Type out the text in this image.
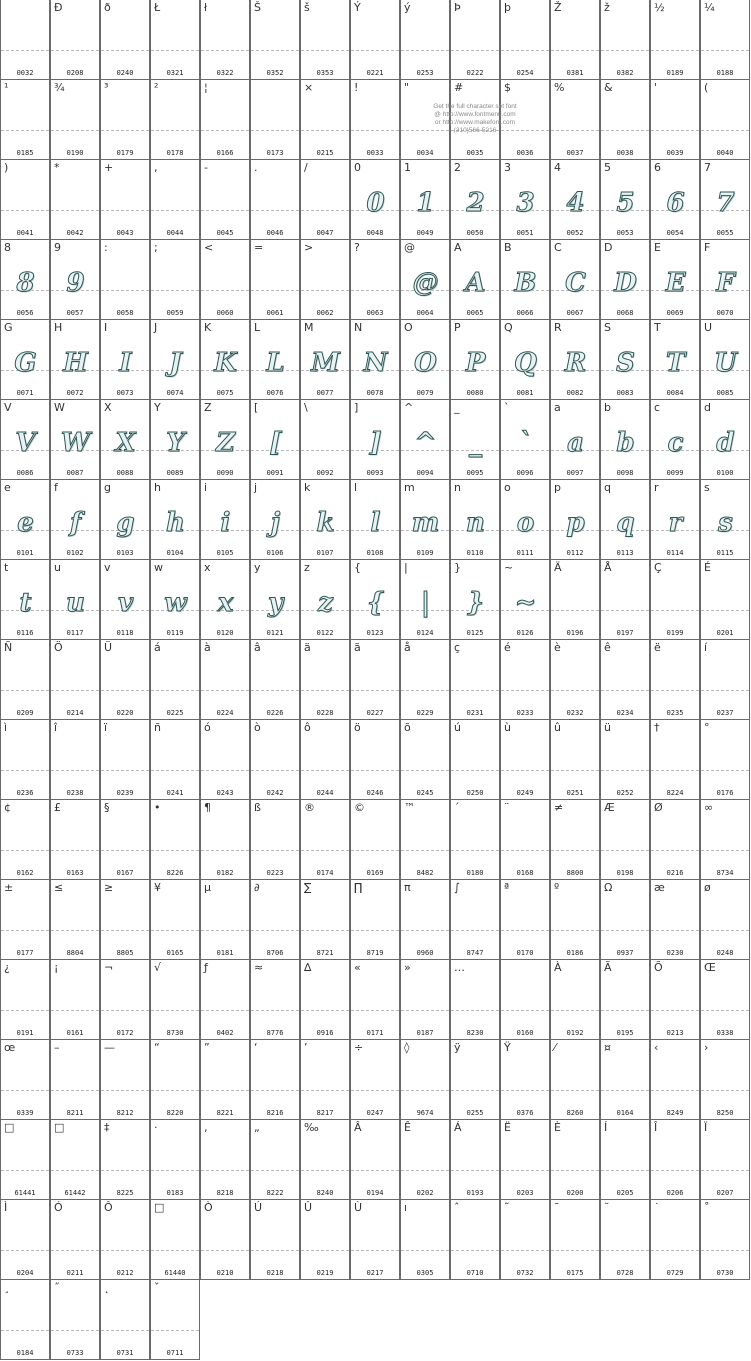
0032
Ð
0208
ð
0240
Ł
0321
ł
0322
Š
0352
š
0353
Ý
0221
ý
0253
Þ
0222
þ
0254
Ž
0381
ž
0382
½
0189
¼
0188
¹
0185
¾
0190
³
0179
²
0178
¦
0166	0173
×
0215
!
0033
"
0034
#
0035
$
0036
%
0037
&
0038
'
0039
(
0040
)
0041
*
0042
+
0043
,
0044
-
0045
.
0046
/
0047
0
0
0048
1
1
0049
2
2
0050
3
3
0051
4
4
0052
5
5
0053
6
6
0054
7
7
0055
8
8
0056
9
9
0057
:
0058
;
0059
<
0060
=
0061
>
0062
?
0063
@
@
0064
A
A
0065
B
B
0066
C
C
0067
D
D
0068
E
E
0069
F
F
0070
G
G
0071
H
H
0072
I
I
0073
J
J
0074
K
K
0075
L
L
0076
M
M
0077
N
N
0078
O
O
0079
P
P
0080
Q
Q
0081
R
R
0082
S
S
0083
T
T
0084
U
U
0085
V
V
0086
W
W
0087
X
X
0088
Y
Y
0089
Z
Z
0090
[
[
0091
\
0092
]
]
0093
^
^
0094
_
_
0095
`
`
0096
a
a
0097
b
b
0098
c
c
0099
d
d
0100
e
e
0101
f
f
0102
g
g
0103
h
h
0104
i
i
0105
j
j
0106
k
k
0107
l
l
0108
m
m
0109
n
n
0110
o
o
0111
p
p
0112
q
q
0113
r
r
0114
s
s
0115
t
t
0116
u
u
0117
v
v
0118
w
w
0119
x
x
0120
y
y
0121
z
z
0122
{
{
0123
|
|
0124
}
}
0125
~
~
0126
Ä
0196
Å
0197
Ç
0199
É
0201
Ñ
0209
Ö
0214
Ü
0220
á
0225
à
0224
â
0226
ä
0228
ã
0227
å
0229
ç
0231
é
0233
è
0232
ê
0234
ë
0235
í
0237
ì
0236
î
0238
ï
0239
ñ
0241
ó
0243
ò
0242
ô
0244
ö
0246
õ
0245
ú
0250
ù
0249
û
0251
ü
0252
†
8224
°
0176
¢
0162
£
0163
§
0167
•
8226
¶
0182
ß
0223
®
0174
©
0169
™
8482
´
0180
¨
0168
≠
8800
Æ
0198
Ø
0216
∞
8734
±
0177
≤
8804
≥
8805
¥
0165
µ
0181
∂
8706
∑
8721
∏
8719
π
0960
∫
8747
ª
0170
º
0186
Ω
0937
æ
0230
ø
0248
¿
0191
¡
0161
¬
0172
√
8730
ƒ
0402
≈
8776
∆
0916
«
0171
»
0187
…
8230	0160
À
0192
Ã
0195
Õ
0213
Œ
0338
œ
0339
–
8211
—
8212
“
8220
”
8221
‘
8216
’
8217
÷
0247
◊
9674
ÿ
0255
Ÿ
0376
⁄
8260
¤
0164
‹
8249
›
8250
□
61441
□
61442
‡
8225
·
0183
‚
8218
„
8222
‰
8240
Â
0194
Ê
0202
Á
0193
Ë
0203
È
0200
Í
0205
Î
0206
Ï
0207
Ì
0204
Ó
0211
Ô
0212
□
61440
Ò
0210
Ú
0218
Û
0219
Ù
0217
ı
0305
ˆ
0710
˜
0732
¯
0175
˘
0728
˙
0729
˚
0730
¸
0184
˝
0733
˛
0731
ˇ
0711
Get the full character set font
@ http://www.fontmenu.com
or http://www.makefont.com
(310)566-5216
